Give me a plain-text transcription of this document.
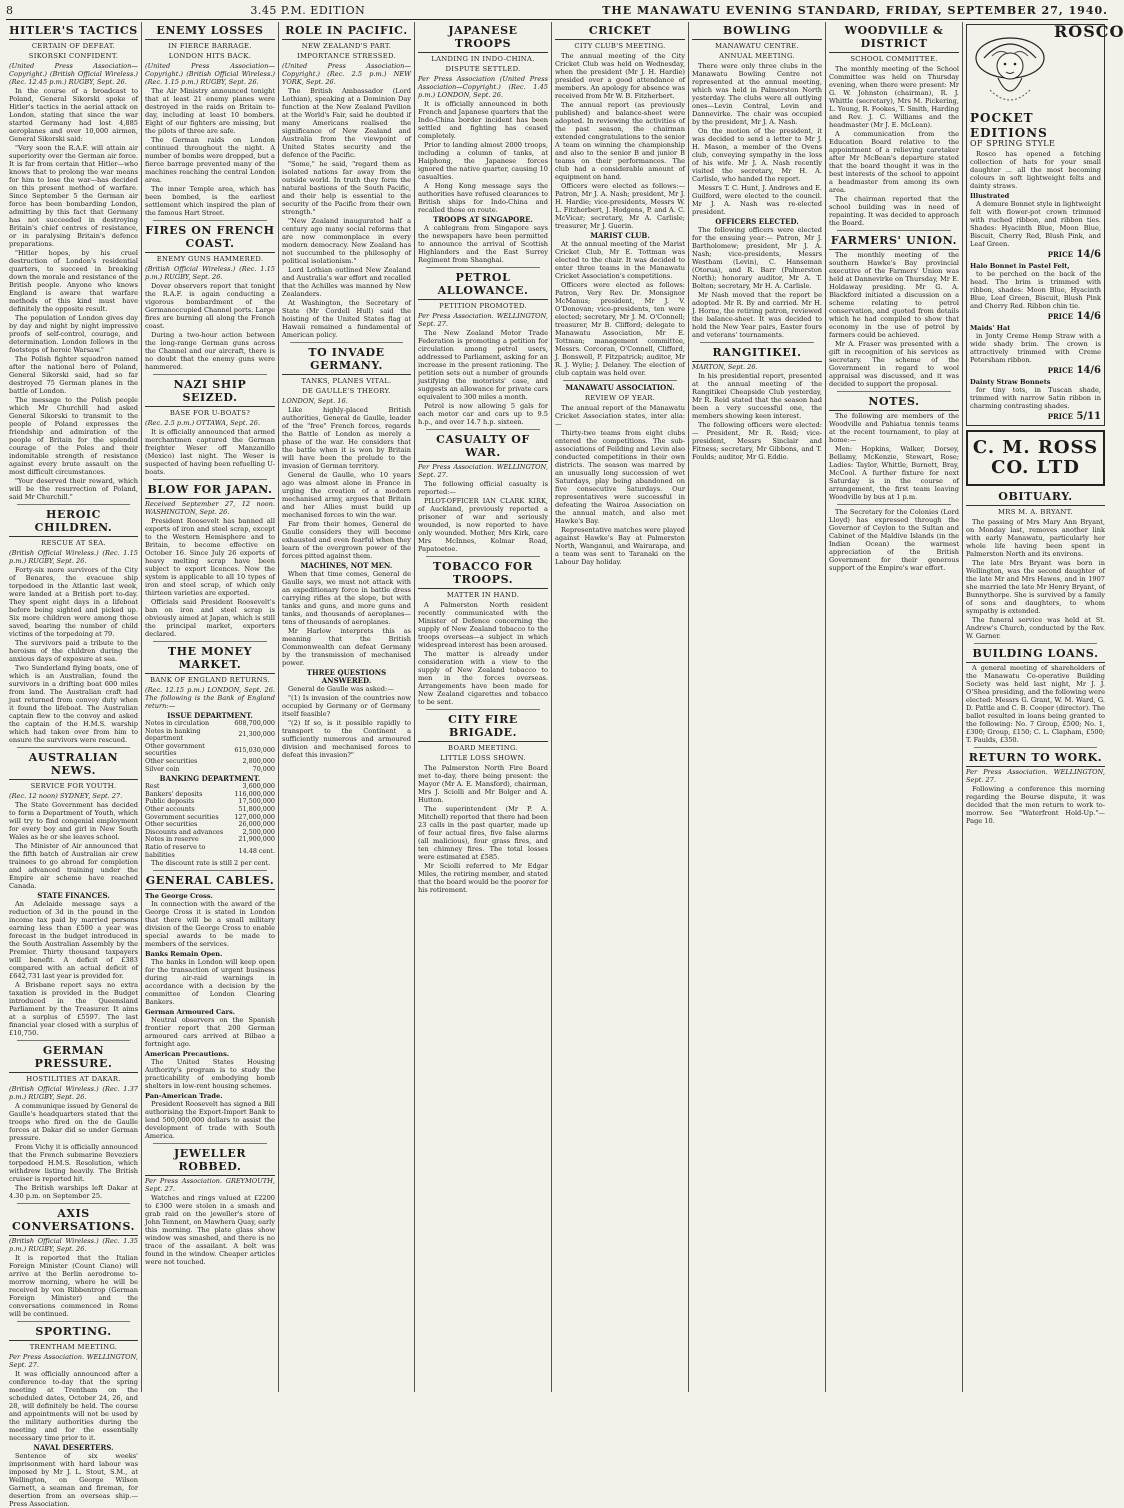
8	3.45 P.M. EDITION	THE MANAWATU EVENING STANDARD, FRIDAY, SEPTEMBER 27, 1940.
HITLER'S TACTICS
CERTAIN OF DEFEAT.
SIKORSKI CONFIDENT.
(United Press Association—Copyright.) (British Official Wireless.) (Rec. 12.45 p.m.) RUGBY, Sept. 26.

In the course of a broadcast to Poland, General Sikorski spoke of Hitler's tactics in the aerial attack on London, stating that since the war started Germany had lost 4,885 aeroplanes and over 10,000 airmen, General Sikorski said:

"Very soon the R.A.F. will attain air superiority over the German air force. It is far from certain that Hitler—who knows that to prolong the war means for him to lose the war—has decided on this present method of warfare. Since September 5 the German air force has been bombarding London, admitting by this fact that Germany has not succeeded in destroying Britain's chief centres of resistance, or in paralysing Britain's defence preparations.

"Hitler hopes, by his cruel destruction of London's residential quarters, to succeed in breaking down the morale and resistance of the British people. Anyone who knows England is aware that warfare methods of this kind must have definitely the opposite result.

The population of London gives day by day and night by night impressive proofs of self-control, courage, and determination. London follows in the footsteps of heroic Warsaw."

The Polish fighter squadron named after the national hero of Poland, General Sikorski said, had so far destroyed 75 German planes in the battle of London.

The message to the Polish people which Mr Churchill had asked General Sikorski to transmit to the people of Poland expresses the friendship and admiration of the people of Britain for the splendid courage of the Poles and their indomitable strength of resistance against every brute assault on the most difficult circumstances.

"Your deserved their reward, which will be the resurrection of Poland, said Mr Churchill."

HEROIC CHILDREN.
RESCUE AT SEA.
(British Official Wireless.) (Rec. 1.15 p.m.) RUGBY, Sept. 26.

Forty-six more survivors of the City of Benares, the evacuee ship torpedoed in the Atlantic last week, were landed at a British port to-day. They spent eight days in a lifeboat before being sighted and picked up. Six more children were among those saved, bearing the number of child victims of the torpedoing at 79.

The survivors paid a tribute to the heroism of the children during the anxious days of exposure at sea.

Two Sunderland flying boats, one of which is an Australian, found the survivors in a drifting boat 600 miles from land. The Australian craft had just returned from convoy duty when it found the lifeboat. The Australian captain flew to the convoy and asked the captain of the H.M.S. warship which had taken over from him to ensure the survivors were rescued.

AUSTRALIAN NEWS.
SERVICE FOR YOUTH.
(Rec. 12 noon) SYDNEY, Sept. 27.

The State Government has decided to form a Department of Youth, which will try to find congenial employment for every boy and girl in New South Wales as he or she leaves school.

The Minister of Air announced that the fifth batch of Australian air crew trainees to go abroad for completion and advanced training under the Empire air scheme have reached Canada.

STATE FINANCES.

An Adelaide message says a reduction of 3d in the pound in the income tax paid by married persons earning less than £500 a year was forecast in the budget introduced in the South Australian Assembly by the Premier. Thirty thousand taxpayers will benefit. A deficit of £383 compared with an actual deficit of £642,731 last year is provided for.

A Brisbane report says no extra taxation is provided in the Budget introduced in the Queensland Parliament by the Treasurer. It aims at a surplus of £5597. The last financial year closed with a surplus of £10,750.

GERMAN PRESSURE.
HOSTILITIES AT DAKAR.
(British Official Wireless.) (Rec. 1.37 p.m.) RUGBY, Sept. 26.

A communique issued by General de Gaulle's headquarters stated that the troops who fired on the de Gaulle forces at Dakar did so under German pressure.

From Vichy it is officially announced that the French submarine Beveziers torpedoed H.M.S. Resolution, which withdrew listing heavily. The British cruiser is reported hit.

The British warships left Dakar at 4.30 p.m. on September 25.

AXIS CONVERSATIONS.
(British Official Wireless.) (Rec. 1.35 p.m.) RUGBY, Sept. 26.

It is reported that the Italian Foreign Minister (Count Ciano) will arrive at the Berlin aerodrome to-morrow morning, where he will be received by von Ribbentrop (German Foreign Minister) and the conversations commenced in Rome will be continued.

SPORTING.
TRENTHAM MEETING.
Per Press Association. WELLINGTON, Sept. 27.

It was officially announced after a conference to-day that the spring meeting at Trentham on the scheduled dates, October 24, 26, and 28, will definitely be held. The course and appointments will not be used by the military authorities during the meeting and for the essentially necessary time prior to it.

NAVAL DESERTERS.

Sentence of six weeks' imprisonment with hard labour was imposed by Mr J. L. Stout, S.M., at Wellington, on George Wilson Garnett, a seaman and fireman, for desertion from an overseas ship.—Press Association.

ENEMY LOSSES
IN FIERCE BARRAGE.
LONDON HITS BACK.
(United Press Association—Copyright.) (British Official Wireless.) (Rec. 1.15 p.m.) RUGBY, Sept. 26.

The Air Ministry announced tonight that at least 21 enemy planes were destroyed in the raids on Britain to-day, including at least 10 bombers. Eight of our fighters are missing, but the pilots of three are safe.

The German raids on London continued throughout the night. A number of bombs were dropped, but a fierce barrage prevented many of the machines reaching the central London area.

The inner Temple area, which has been bombed, is the earliest settlement which inspired the plan of the famous Hart Street.

FIRES ON FRENCH COAST.
ENEMY GUNS HAMMERED.
(British Official Wireless.) (Rec. 1.15 p.m.) RUGBY, Sept. 26.

Dover observers report that tonight the R.A.F. is again conducting a vigorous bombardment of the Germanoccupied Channel ports. Large fires are burning all along the French coast.

During a two-hour action between the long-range German guns across the Channel and our aircraft, there is no doubt that the enemy guns were hammered.

NAZI SHIP SEIZED.
BASE FOR U-BOATS?
(Rec. 2.5 p.m.) OTTAWA, Sept. 26.

It is officially announced that armed merchantmen captured the German freighter Weser off Manzanillo (Mexico) last night. The Weser is suspected of having been refuelling U-boats.

BLOW FOR JAPAN.
Received September 27, 12 noon. WASHINGTON, Sept. 26.

President Roosevelt has banned all exports of iron and steel scrap, except to the Western Hemisphere and to Britain, to become effective on October 16. Since July 26 exports of heavy melting scrap have been subject to export licences. Now the system is applicable to all 10 types of iron and steel scrap, of which only thirteen varieties are exported.

Officials said President Roosevelt's ban on iron and steel scrap is obviously aimed at Japan, which is still the principal market, exporters declared.

THE MONEY MARKET.
BANK OF ENGLAND RETURNS.
(Rec. 12.15 p.m.) LONDON, Sept. 26. The following is the Bank of England return:—
ISSUE DEPARTMENT.
Notes in circulation	608,700,000
Notes in banking department	21,300,000
Other government securities	615,030,000
Other securities	2,800,000
Silver coin	70,000
BANKING DEPARTMENT.
Rest	3,600,000
Bankers' deposits	116,000,000
Public deposits	17,500,000
Other accounts	51,800,000
Government securities	127,000,000
Other securities	26,000,000
Discounts and advances	2,500,000
Notes in reserve	21,900,000
Ratio of reserve to liabilities	14.48 cent.

The discount rate is still 2 per cent.

GENERAL CABLES.
The George Cross.

In connection with the award of the George Cross it is stated in London that there will be a small military division of the George Cross to enable special awards to be made to members of the services.

Banks Remain Open.

The banks in London will keep open for the transaction of urgent business during air-raid warnings in accordance with a decision by the committee of London Clearing Bankers.

German Armoured Cars.

Neutral observers on the Spanish frontier report that 200 German armoured cars arrived at Bilbao a fortnight ago.

American Precautions.

The United States Housing Authority's program is to study the practicability of embodying bomb shelters in low-rent housing schemes.

Pan-American Trade.

President Roosevelt has signed a Bill authorising the Export-Import Bank to lend 500,000,000 dollars to assist the development of trade with South America.

JEWELLER ROBBED.
Per Press Association. GREYMOUTH, Sept. 27.

Watches and rings valued at £2200 to £300 were stolen in a smash and grab raid on the jeweller's store of John Tennent, on Mawhera Quay, early this morning. The plate glass show window was smashed, and there is no trace of the assailant. A bolt was found in the window. Cheaper articles were not touched.

ROLE IN PACIFIC.
NEW ZEALAND'S PART.
IMPORTANCE STRESSED.
(United Press Association—Copyright.) (Rec. 2.5 p.m.) NEW YORK, Sept. 26.

The British Ambassador (Lord Lothian), speaking at a Dominion Day function at the New Zealand Pavilion at the World's Fair, said he doubted if many Americans realised the significance of New Zealand and Australia from the viewpoint of United States security and the defence of the Pacific.

"Some," he said, "regard them as isolated nations far away from the outside world. In truth they form the natural bastions of the South Pacific, and their help is essential to the security of the Pacific from their own strength."

"New Zealand inaugurated half a century ago many social reforms that are now commonplace in every modern democracy. New Zealand has not succumbed to the philosophy of political isolationism."

Lord Lothian outlined New Zealand and Australia's war effort and recalled that the Achilles was manned by New Zealanders.

At Washington, the Secretary of State (Mr Cordell Hull) said the hoisting of the United States flag at Hawaii remained a fundamental of American policy.

TO INVADE GERMANY.
TANKS, PLANES VITAL.
DE GAULLE'S THEORY.
LONDON, Sept. 16.

Like highly-placed British authorities, General de Gaulle, leader of the "free" French forces, regards the Battle of London as merely a phase of the war. He considers that the battle when it is won by Britain will have been the prelude to the invasion of German territory.

General de Gaulle, who 10 years ago was almost alone in France in urging the creation of a modern mechanised army, argues that Britain and her Allies must build up mechanised forces to win the war.

Far from their homes, General de Gaulle considers they will become exhausted and even fearful when they learn of the overgrown power of the forces pitted against them.

MACHINES, NOT MEN.

When that time comes, General de Gaulle says, we must not attack with an expeditionary force in battle dress carrying rifles at the slope, but with tanks and guns, and more guns and tanks, and thousands of aeroplanes—tens of thousands of aeroplanes.

Mr Harlow interprets this as meaning that the British Commonwealth can defeat Germany by the transmission of mechanised power.

THREE QUESTIONS ANSWERED.

General de Gaulle was asked:—

"(1) Is invasion of the countries now occupied by Germany or of Germany itself feasible?

"(2) If so, is it possible rapidly to transport to the Continent a sufficiently numerous and armoured division and mechanised forces to defeat this invasion?"

JAPANESE TROOPS
LANDING IN INDO-CHINA.
DISPUTE SETTLED.
Per Press Association (United Press Association—Copyright.) (Rec. 1.45 p.m.) LONDON, Sept. 26.

It is officially announced in both French and Japanese quarters that the Indo-China border incident has been settled and fighting has ceased completely.

Prior to landing almost 2000 troops, including a column of tanks, at Haiphong, the Japanese forces ignored the native quarter, causing 10 casualties.

A Hong Kong message says the authorities have refused clearances to British ships for Indo-China and recalled those on route.

TROOPS AT SINGAPORE.

A cablegram from Singapore says the newspapers have been permitted to announce the arrival of Scottish Highlanders and the East Surrey Regiment from Shanghai.

PETROL ALLOWANCE.
PETITION PROMOTED.
Per Press Association. WELLINGTON, Sept. 27.

The New Zealand Motor Trade Federation is promoting a petition for circulation among petrol users, addressed to Parliament, asking for an increase in the present rationing. The petition sets out a number of grounds justifying the motorists' case, and suggests an allowance for private cars equivalent to 300 miles a month.

Petrol is now allowing 5 gals for each motor car and cars up to 9.5 h.p., and over 14.7 h.p. sixteen.

CASUALTY OF WAR.
Per Press Association. WELLINGTON, Sept. 27.

The following official casualty is reported:—

PILOT-OFFICER IAN CLARK KIRK, of Auckland, previously reported a prisoner of war and seriously wounded, is now reported to have only wounded. Mother, Mrs Kirk, care Mrs McInnes, Kolmar Road, Papatoetoe.

TOBACCO FOR TROOPS.
MATTER IN HAND.

A Palmerston North resident recently communicated with the Minister of Defence concerning the supply of New Zealand tobacco to the troops overseas—a subject in which widespread interest has been aroused.

The matter is already under consideration with a view to the supply of New Zealand tobacco to men in the forces overseas. Arrangements have been made for New Zealand cigarettes and tobacco to be sent.

CITY FIRE BRIGADE.
BOARD MEETING.
LITTLE LOSS SHOWN.

The Palmerston North Fire Board met to-day, there being present: the Mayor (Mr A. E. Mansford), chairman, Mrs J. Sciolli and Mr Bolger and A. Hutton.

The superintendent (Mr P. A. Mitchell) reported that there had been 23 calls in the past quarter, made up of four actual fires, five false alarms (all malicious), four grass fires, and ten chimney fires. The total losses were estimated at £585.

Mr Sciolli referred to Mr Edgar Miles, the retiring member, and stated that the board would be the poorer for his retirement.

CRICKET
CITY CLUB'S MEETING.

The annual meeting of the City Cricket Club was held on Wednesday, when the president (Mr J. H. Hardie) presided over a good attendance of members. An apology for absence was received from Mr W. B. Fitzherbert.

The annual report (as previously published) and balance-sheet were adopted. In reviewing the activities of the past season, the chairman extended congratulations to the senior A team on winning the championship and also to the senior B and junior B teams on their performances. The club had a considerable amount of equipment on hand.

Officers were elected as follows:— Patron, Mr J. A. Nash; president, Mr J. H. Hardie; vice-presidents, Messrs W. L. Fitzherbert, J. Hodgens, P. and A. C. McVicar; secretary, Mr A. Carlisle; treasurer, Mr J. Guerin.

MARIST CLUB.

At the annual meeting of the Marist Cricket Club, Mr E. Tottman was elected to the chair. It was decided to enter three teams in the Manawatu Cricket Association's competitions.

Officers were elected as follows: Patron, Very Rev. Dr. Monsignor McManus; president, Mr J. V. O'Donovan; vice-presidents, ten were elected; secretary, Mr J. M. O'Connell; treasurer, Mr B. Clifford; delegate to Manawatu Association, Mr E. Tottman; management committee, Messrs. Corcoran, O'Connell, Clifford, J. Bonswell, P. Fitzpatrick; auditor, Mr R. J. Wylie; J. Delaney. The election of club captain was held over.

MANAWATU ASSOCIATION.
REVIEW OF YEAR.

The annual report of the Manawatu Cricket Association states, inter alia:—

Thirty-two teams from eight clubs entered the competitions. The sub-associations of Feilding and Levin also conducted competitions in their own districts. The season was marred by an unusually long succession of wet Saturdays, play being abandoned on five consecutive Saturdays. Our representatives were successful in defeating the Wairoa Association on the annual match, and also met Hawke's Bay.

Representative matches were played against Hawke's Bay at Palmerston North, Wanganui, and Wairarapa, and a team was sent to Taranaki on the Labour Day holiday.

BOWLING
MANAWATU CENTRE.
ANNUAL MEETING.

There were only three clubs in the Manawatu Bowling Centre not represented at the annual meeting, which was held in Palmerston North yesterday. The clubs were all outlying ones—Levin Central, Levin and Dannevirke. The chair was occupied by the president, Mr J. A. Nash.

On the motion of the president, it was decided to send a letter to Mr J. H. Mason, a member of the Ovens club, conveying sympathy in the loss of his wife. Mr J. A. Nash recently visited the secretary, Mr H. A. Carlisle, who handed the report.

Messrs T. C. Hunt, J. Andrews and E. Guilford, were elected to the council. Mr J. A. Nash was re-elected president.

OFFICERS ELECTED.

The following officers were elected for the ensuing year:— Patron, Mr J. Bartholomew; president, Mr J. A. Nash; vice-presidents, Messrs Westham (Levin), C. Hanseman (Otorua), and R. Barr (Palmerston North); honorary auditor, Mr A. T. Bolton; secretary, Mr H. A. Carlisle.

Mr Nash moved that the report be adopted. Mr R. By and carried. Mr H. J. Horne, the retiring patron, reviewed the balance-sheet. It was decided to hold the New Year pairs, Easter fours and veterans' tournaments.

RANGITIKEI.
MARTON, Sept. 26.

In his presidential report, presented at the annual meeting of the Rangitikei Cheapside Club yesterday, Mr R. Reid stated that the season had been a very successful one, the members showing keen interest.

The following officers were elected:— President, Mr R. Reid; vice-president, Messrs Sinclair and Fitness; secretary, Mr Gibbons, and T. Foulds; auditor, Mr G. Eddie.

WOODVILLE & DISTRICT
SCHOOL COMMITTEE.

The monthly meeting of the School Committee was held on Thursday evening, when there were present: Mr G. W. Johnston (chairman), R. J. Whittle (secretary), Mrs M. Pickering, L. Young, R. Fookes, T. Smith, Harding and Rev. J. C. Williams and the headmaster (Mr J. E. McLean).

A communication from the Education Board relative to the appointment of a relieving caretaker after Mr McBean's departure stated that the board thought it was in the best interests of the school to appoint a headmaster from among its own area.

The chairman reported that the school building was in need of repainting. It was decided to approach the Board.

FARMERS' UNION.

The monthly meeting of the southern Hawke's Bay provincial executive of the Farmers' Union was held at Dannevirke on Thursday, Mr E. Holdaway presiding. Mr G. A. Blackford initiated a discussion on a scheme relating to petrol conservation, and quoted from details which he had compiled to show that economy in the use of petrol by farmers could be achieved.

Mr A. Fraser was presented with a gift in recognition of his services as secretary. The scheme of the Government in regard to wool appraisal was discussed, and it was decided to support the proposal.

NOTES.

The following are members of the Woodville and Pahiatua tennis teams at the recent tournament, to play at home:—

Men: Hopkins, Walker, Dorsey, Bellamy, McKenzie, Stewart, Rose; Ladies: Taylor, Whittle, Burnett, Bray, McCool. A further fixture for next Saturday is in the course of arrangement, the first team leaving Woodville by bus at 1 p.m.

The Secretary for the Colonies (Lord Lloyd) has expressed through the Governor of Ceylon to the Sultan and Cabinet of the Maldive Islands (in the Indian Ocean) the warmest appreciation of the British Government for their generous support of the Empire's war effort.

ROSCO
POCKET
EDITIONS
OF SPRING STYLE

Rosco has opened a fetching collection of hats for your small daughter ... all the most becoming colours in soft lightweight felts and dainty straws.

Illustrated

A demure Bonnet style in lightweight felt with flower-pot crown trimmed with ruched ribbon, and ribbon ties. Shades: Hyacinth Blue, Moon Blue, Biscuit, Cherry Red, Blush Pink, and Leaf Green.

PRICE 14/6
Halo Bonnet in Pastel Felt,

to be perched on the back of the head. The brim is trimmed with ribbon, shades: Moon Blue, Hyacinth Blue, Leaf Green, Biscuit, Blush Pink and Cherry Red. Ribbon chin tie.

PRICE 14/6
Maids' Hat

in Jonty Creme Hemp Straw with a wide shady brim. The crown is attractively trimmed with Creme Petersham ribbon.

PRICE 14/6
Dainty Straw Bonnets

for tiny tots, in Tuscan shade, trimmed with narrow Satin ribbon in charming contrasting shades.

PRICE 5/11
C. M. ROSS CO. LTD
OBITUARY.
MRS M. A. BRYANT.

The passing of Mrs Mary Ann Bryant, on Monday last, removes another link with early Manawatu, particularly her whole life having been spent in Palmerston North and its environs.

The late Mrs Bryant was born in Wellington, was the second daughter of the late Mr and Mrs Hawes, and in 1907 she married the late Mr Henry Bryant, of Bunnythorpe. She is survived by a family of sons and daughters, to whom sympathy is extended.

The funeral service was held at St. Andrew's Church, conducted by the Rev. W. Garner.

BUILDING LOANS.

A general meeting of shareholders of the Manawatu Co-operative Building Society was held last night, Mr J. J. O'Shea presiding, and the following were elected: Messrs G. Grant, W. M. Ward, G. D. Pattle and C. B. Cooper (director). The ballot resulted in loans being granted to the following: No. 7 Group, £500; No. 1, £300; Group, £150; C. L. Clapham, £500; T. Faulds, £350.

RETURN TO WORK.
Per Press Association. WELLINGTON, Sept. 27.

Following a conference this morning regarding the Bourse dispute, it was decided that the men return to work to-morrow. See "Waterfront Hold-Up."—Page 10.
